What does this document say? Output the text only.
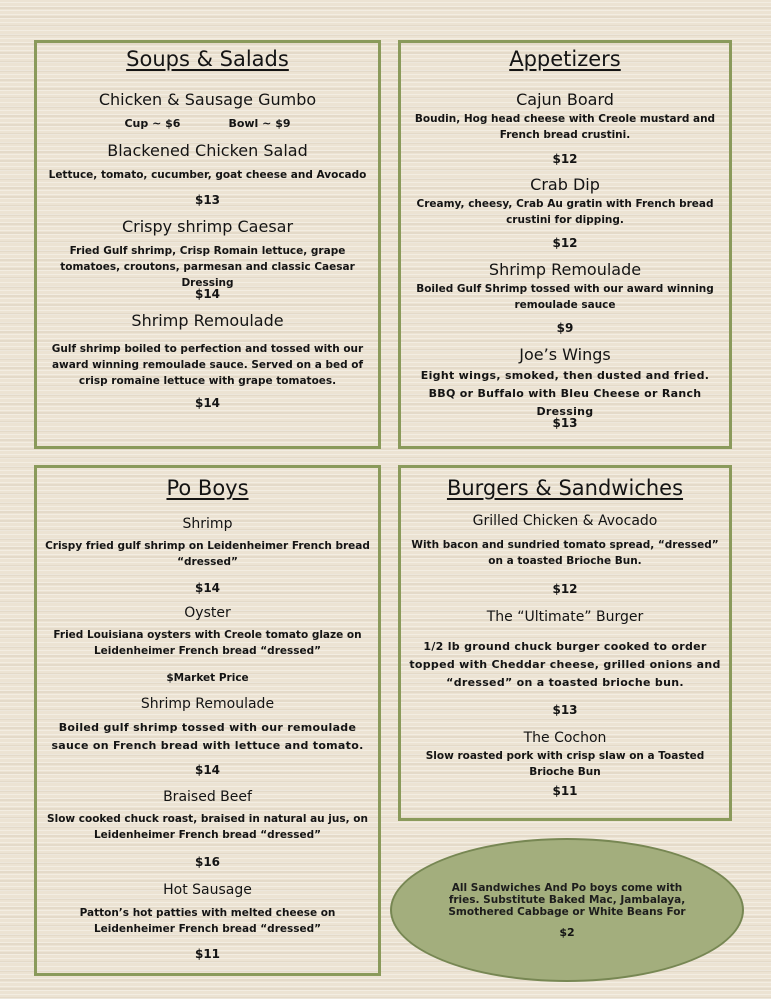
Soups & Salads
Chicken & Sausage Gumbo
Cup ~ $6	Bowl ~ $9
Blackened Chicken Salad
Lettuce, tomato, cucumber, goat cheese and Avocado
$13
Crispy shrimp Caesar
Fried Gulf shrimp, Crisp Romain lettuce, grape tomatoes, croutons, parmesan and classic Caesar Dressing
$14
Shrimp Remoulade
Gulf shrimp boiled to perfection and tossed with our award winning remoulade sauce. Served on a bed of crisp romaine lettuce with grape tomatoes.
$14
Appetizers
Cajun Board
Boudin, Hog head cheese with Creole mustard and French bread crustini.
$12
Crab Dip
Creamy, cheesy, Crab Au gratin with French bread crustini for dipping.
$12
Shrimp Remoulade
Boiled Gulf Shrimp tossed with our award winning remoulade sauce
$9
Joe’s Wings
Eight wings, smoked, then dusted and fried. BBQ or Buffalo with Bleu Cheese or Ranch Dressing
$13
Po Boys
Shrimp
Crispy fried gulf shrimp on Leidenheimer French bread “dressed”
$14
Oyster
Fried Louisiana oysters with Creole tomato glaze on Leidenheimer French bread “dressed”
$Market Price
Shrimp Remoulade
Boiled gulf shrimp tossed with our remoulade sauce on French bread with lettuce and tomato.
$14
Braised Beef
Slow cooked chuck roast, braised in natural au jus, on Leidenheimer French bread “dressed”
$16
Hot Sausage
Patton’s hot patties with melted cheese on Leidenheimer French bread “dressed”
$11
Burgers & Sandwiches
Grilled Chicken & Avocado
With bacon and sundried tomato spread, “dressed” on a toasted Brioche Bun.
$12
The “Ultimate” Burger
1/2 lb ground chuck burger cooked to order topped with Cheddar cheese, grilled onions and “dressed” on a toasted brioche bun.
$13
The Cochon
Slow roasted pork with crisp slaw on a Toasted Brioche Bun
$11
All Sandwiches And Po boys come with fries. Substitute Baked Mac, Jambalaya, Smothered Cabbage or White Beans For
$2
